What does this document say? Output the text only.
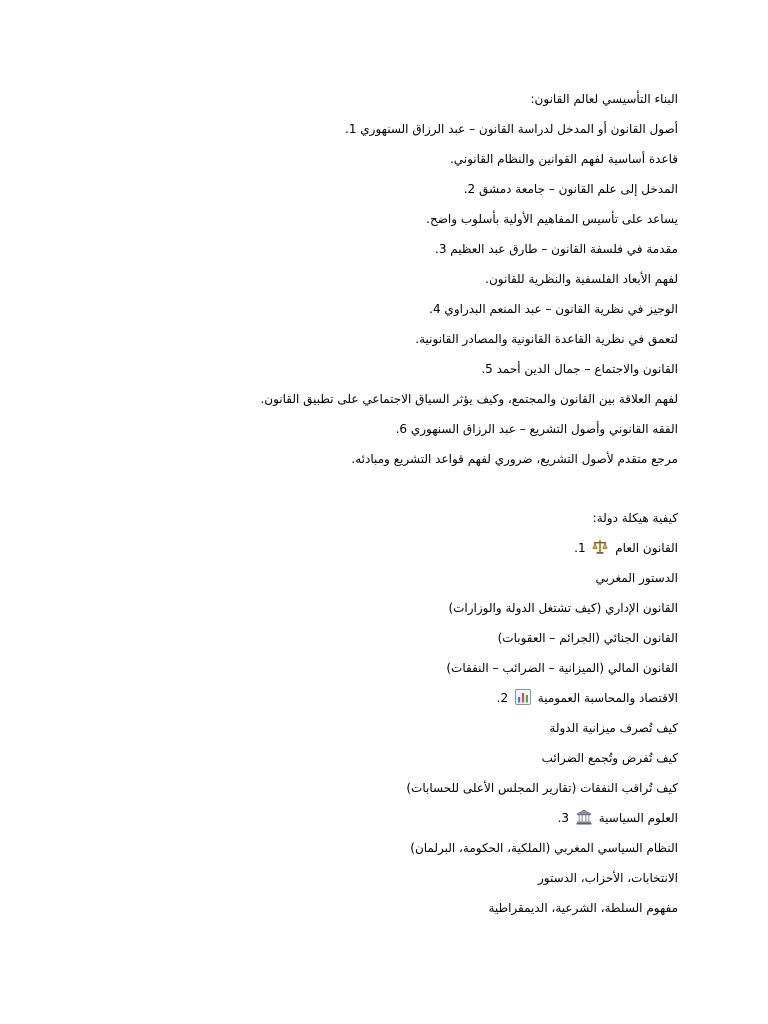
البناء التأسيسي لعالم القانون:
أصول القانون أو المدخل لدراسة القانون – عبد الرزاق السنهوري 1.
قاعدة أساسية لفهم القوانين والنظام القانوني.
المدخل إلى علم القانون – جامعة دمشق 2.
يساعد على تأسيس المفاهيم الأولية بأسلوب واضح.
مقدمة في فلسفة القانون – طارق عبد العظيم 3.
لفهم الأبعاد الفلسفية والنظرية للقانون.
الوجيز في نظرية القانون – عبد المنعم البدراوي 4.
لتعمق في نظرية القاعدة القانونية والمصادر القانونية.
القانون والاجتماع – جمال الدين أحمد 5.
لفهم العلاقة بين القانون والمجتمع، وكيف يؤثر السياق الاجتماعي على تطبيق القانون.
الفقه القانوني وأصول التشريع – عبد الرزاق السنهوري 6.
مرجع متقدم لأصول التشريع، ضروري لفهم قواعد التشريع ومبادئه.
كيفية هيكلة دولة:
القانون العام
1.
الدستور المغربي
القانون الإداري (كيف تشتغل الدولة والوزارات)
القانون الجنائي (الجرائم – العقوبات)
القانون المالي (الميزانية – الضرائب – النفقات)
الاقتصاد والمحاسبة العمومية
2.
كيف تُصرف ميزانية الدولة
كيف تُفرض وتُجمع الضرائب
كيف تُراقب النفقات (تقارير المجلس الأعلى للحسابات)
العلوم السياسية
3.
النظام السياسي المغربي (الملكية، الحكومة، البرلمان)
الانتخابات، الأحزاب، الدستور
مفهوم السلطة، الشرعية، الديمقراطية
